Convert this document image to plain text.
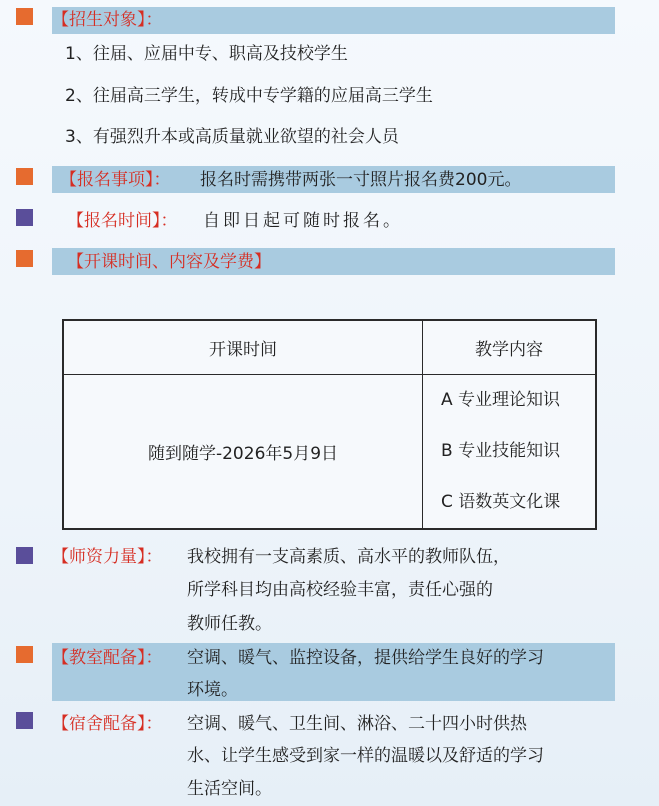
【招生对象】：
1、往届、应届中专、职高及技校学生
2、往届高三学生，转成中专学籍的应届高三学生
3、有强烈升本或高质量就业欲望的社会人员
【报名事项】： 报名时需携带两张一寸照片报名费200元。
【报名时间】： 自即日起可随时报名。
【开课时间、内容及学费】
开课时间	教学内容
随到随学-2026年5月9日	A 专业理论知识
B 专业技能知识
C 语数英文化课
【师资力量】： 我校拥有一支高素质、高水平的教师队伍，
所学科目均由高校经验丰富，责任心强的
教师任教。
【教室配备】： 空调、暖气、监控设备，提供给学生良好的学习
环境。
【宿舍配备】： 空调、暖气、卫生间、淋浴、二十四小时供热
水、让学生感受到家一样的温暖以及舒适的学习
生活空间。
